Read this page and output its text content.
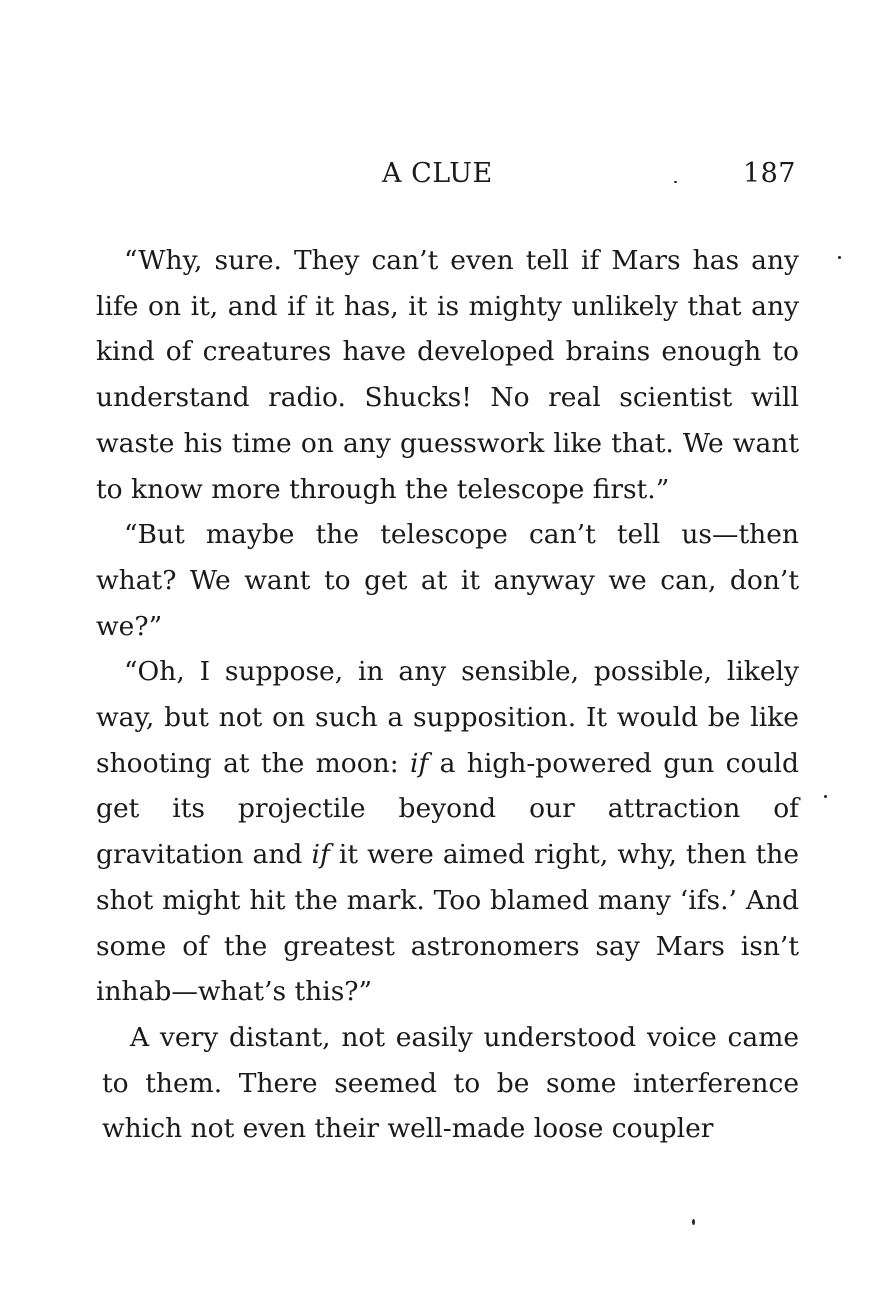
A CLUE	187

“Why, sure. They can’t even tell if Mars has any life on it, and if it has, it is mighty unlikely that any kind of creatures have developed brains enough to understand radio. Shucks! No real scientist will waste his time on any guesswork like that. We want to know more through the telescope first.”

“But maybe the telescope can’t tell us—then what? We want to get at it anyway we can, don’t we?”

“Oh, I suppose, in any sensible, possible, likely way, but not on such a supposition. It would be like shooting at the moon: if a high-powered gun could get its projectile beyond our attraction of gravitation and if it were aimed right, why, then the shot might hit the mark. Too blamed many ‘ifs.’ And some of the greatest astronomers say Mars isn’t inhab—what’s this?”

A very distant, not easily understood voice came to them. There seemed to be some interference which not even their well-made loose coupler
